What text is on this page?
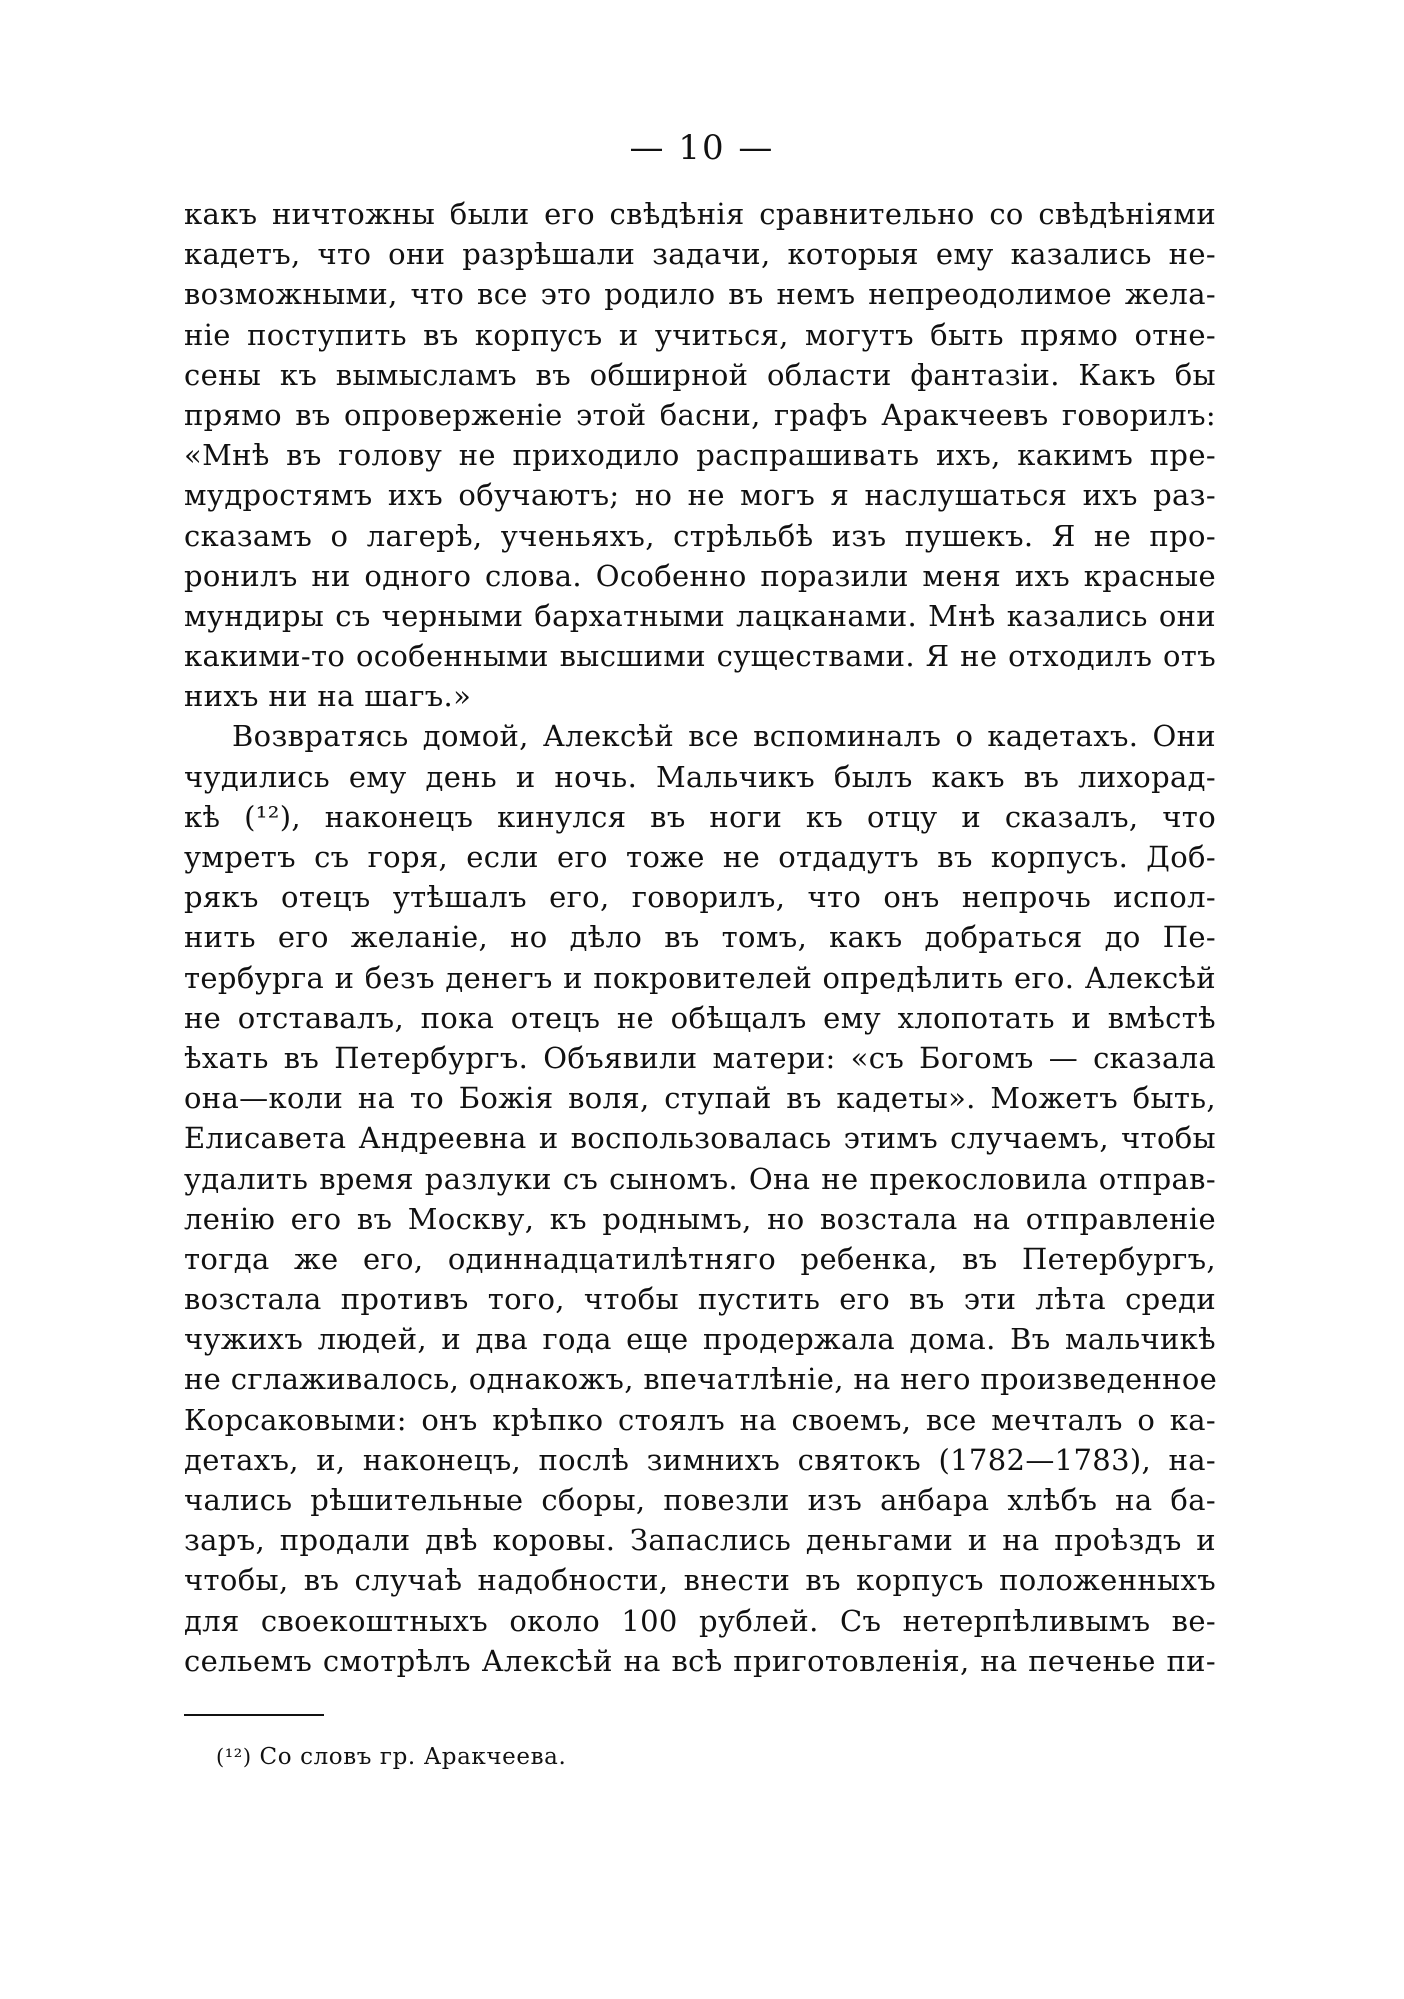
— 10 —
какъ ничтожны были его свѣдѣнія сравнительно со свѣдѣніями
кадетъ, что они разрѣшали задачи, которыя ему казались не-
возможными, что все это родило въ немъ непреодолимое жела-
ніе поступить въ корпусъ и учиться, могутъ быть прямо отне-
сены къ вымысламъ въ обширной области фантазіи. Какъ бы
прямо въ опроверженіе этой басни, графъ Аракчеевъ говорилъ:
«Мнѣ въ голову не приходило распрашивать ихъ, какимъ пре-
мудростямъ ихъ обучаютъ; но не могъ я наслушаться ихъ раз-
сказамъ о лагерѣ, ученьяхъ, стрѣльбѣ изъ пушекъ. Я не про-
ронилъ ни одного слова. Особенно поразили меня ихъ красные
мундиры съ черными бархатными лацканами. Мнѣ казались они
какими-то особенными высшими существами. Я не отходилъ отъ
нихъ ни на шагъ.»
Возвратясь домой, Алексѣй все вспоминалъ о кадетахъ. Они
чудились ему день и ночь. Мальчикъ былъ какъ въ лихорад-
кѣ (¹²), наконецъ кинулся въ ноги къ отцу и сказалъ, что
умретъ съ горя, если его тоже не отдадутъ въ корпусъ. Доб-
рякъ отецъ утѣшалъ его, говорилъ, что онъ непрочь испол-
нить его желаніе, но дѣло въ томъ, какъ добраться до Пе-
тербурга и безъ денегъ и покровителей опредѣлить его. Алексѣй
не отставалъ, пока отецъ не обѣщалъ ему хлопотать и вмѣстѣ
ѣхать въ Петербургъ. Объявили матери: «съ Богомъ — сказала
она—коли на то Божія воля, ступай въ кадеты». Можетъ быть,
Елисавета Андреевна и воспользовалась этимъ случаемъ, чтобы
удалить время разлуки съ сыномъ. Она не прекословила отправ-
ленію его въ Москву, къ роднымъ, но возстала на отправленіе
тогда же его, одиннадцатилѣтняго ребенка, въ Петербургъ,
возстала противъ того, чтобы пустить его въ эти лѣта среди
чужихъ людей, и два года еще продержала дома. Въ мальчикѣ
не сглаживалось, однакожъ, впечатлѣніе, на него произведенное
Корсаковыми: онъ крѣпко стоялъ на своемъ, все мечталъ о ка-
детахъ, и, наконецъ, послѣ зимнихъ святокъ (1782—1783), на-
чались рѣшительные сборы, повезли изъ анбара хлѣбъ на ба-
заръ, продали двѣ коровы. Запаслись деньгами и на проѣздъ и
чтобы, въ случаѣ надобности, внести въ корпусъ положенныхъ
для своекоштныхъ около 100 рублей. Съ нетерпѣливымъ ве-
сельемъ смотрѣлъ Алексѣй на всѣ приготовленія, на печенье пи-
(¹²) Со словъ гр. Аракчеева.
